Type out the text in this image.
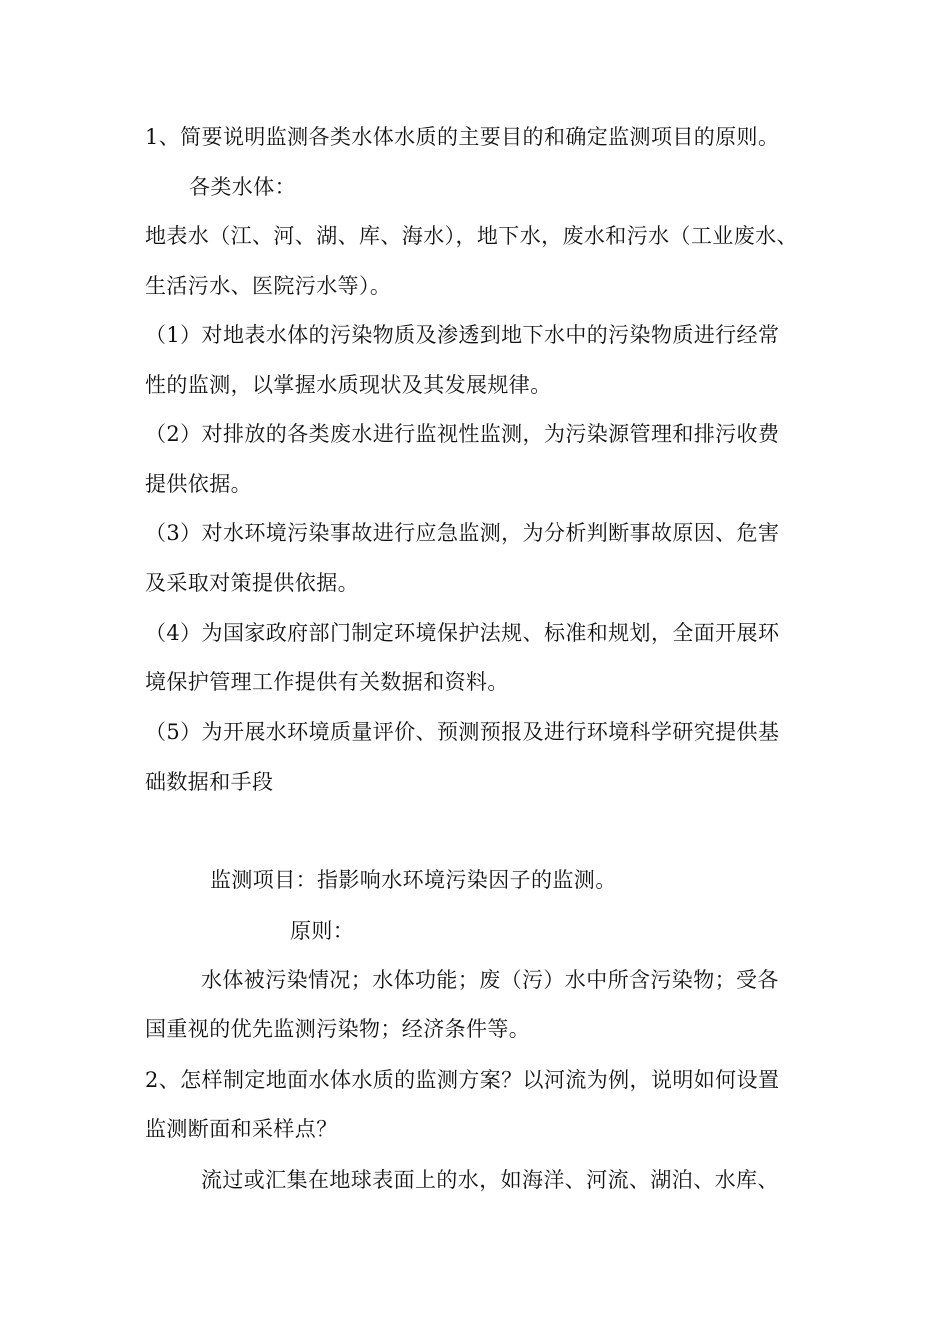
1、简要说明监测各类水体水质的主要目的和确定监测项目的原则。
各类水体：
地表水（江、河、湖、库、海水），地下水，废水和污水（工业废水、
生活污水、医院污水等）。
（1）对地表水体的污染物质及渗透到地下水中的污染物质进行经常
性的监测，以掌握水质现状及其发展规律。
（2）对排放的各类废水进行监视性监测，为污染源管理和排污收费
提供依据。
（3）对水环境污染事故进行应急监测，为分析判断事故原因、危害
及采取对策提供依据。
（4）为国家政府部门制定环境保护法规、标准和规划，全面开展环
境保护管理工作提供有关数据和资料。
（5）为开展水环境质量评价、预测预报及进行环境科学研究提供基
础数据和手段
监测项目：指影响水环境污染因子的监测。
原则：
水体被污染情况；水体功能；废（污）水中所含污染物；受各
国重视的优先监测污染物；经济条件等。
2、怎样制定地面水体水质的监测方案？以河流为例，说明如何设置
监测断面和采样点？
流过或汇集在地球表面上的水，如海洋、河流、湖泊、水库、
